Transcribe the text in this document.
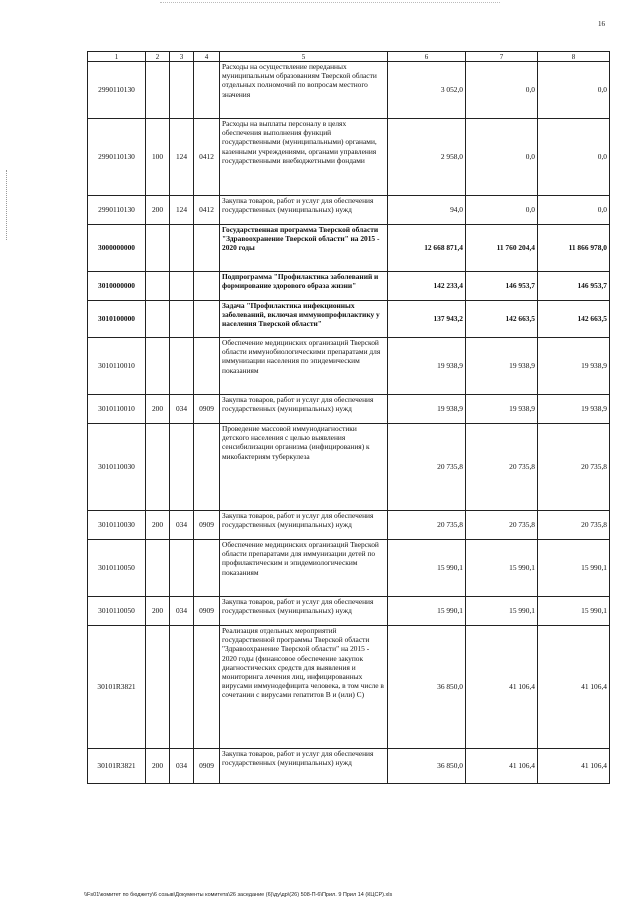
16
1	2	3	4	5	6	7	8
2990110130				Расходы на осуществление переданных муниципальным образованиям Тверской области отдельных полномочий по вопросам местного значения	3 052,0	0,0	0,0
2990110130	100	124	0412	Расходы на выплаты персоналу в целях обеспечения выполнения функций государственными (муниципальными) органами, казенными учреждениями, органами управления государственными внебюджетными фондами	2 958,0	0,0	0,0
2990110130	200	124	0412	Закупка товаров, работ и услуг для обеспечения государственных (муниципальных) нужд	94,0	0,0	0,0
3000000000				Государственная программа Тверской области "Здравоохранение Тверской области" на 2015 - 2020 годы	12 668 871,4	11 760 204,4	11 866 978,0
3010000000				Подпрограмма "Профилактика заболеваний и формирование здорового образа жизни"	142 233,4	146 953,7	146 953,7
3010100000				Задача "Профилактика инфекционных заболеваний, включая иммунопрофилактику у населения Тверской области"	137 943,2	142 663,5	142 663,5
3010110010				Обеспечение медицинских организаций Тверской области иммунобиологическими препаратами для иммунизации населения по эпидемическим показаниям	19 938,9	19 938,9	19 938,9
3010110010	200	034	0909	Закупка товаров, работ и услуг для обеспечения государственных (муниципальных) нужд	19 938,9	19 938,9	19 938,9
3010110030				Проведение массовой иммунодиагностики детского населения с целью выявления сенсибилизации организма (инфицирования) к микобактериям туберкулеза	20 735,8	20 735,8	20 735,8
3010110030	200	034	0909	Закупка товаров, работ и услуг для обеспечения государственных (муниципальных) нужд	20 735,8	20 735,8	20 735,8
3010110050				Обеспечение медицинских организаций Тверской области препаратами для иммунизации детей по профилактическим и эпидемиологическим показаниям	15 990,1	15 990,1	15 990,1
3010110050	200	034	0909	Закупка товаров, работ и услуг для обеспечения государственных (муниципальных) нужд	15 990,1	15 990,1	15 990,1
30101R3821				Реализация отдельных мероприятий государственной программы Тверской области "Здравоохранение Тверской области" на 2015 - 2020 годы (финансовое обеспечение закупок диагностических средств для выявления и мониторинга лечения лиц, инфицированных вирусами иммунодефицита человека, в том числе в сочетании с вирусами гепатитов В и (или) С)	36 850,0	41 106,4	41 106,4
30101R3821	200	034	0909	Закупка товаров, работ и услуг для обеспечения государственных (муниципальных) нужд	36 850,0	41 106,4	41 106,4
\\Fs01\комитет по бюджету\6 созыв\Документы комитета\26 заседание (6)\ду\др\(26) 508-П-6\Прил. 9 Прил 14 (КЦСР).xls
